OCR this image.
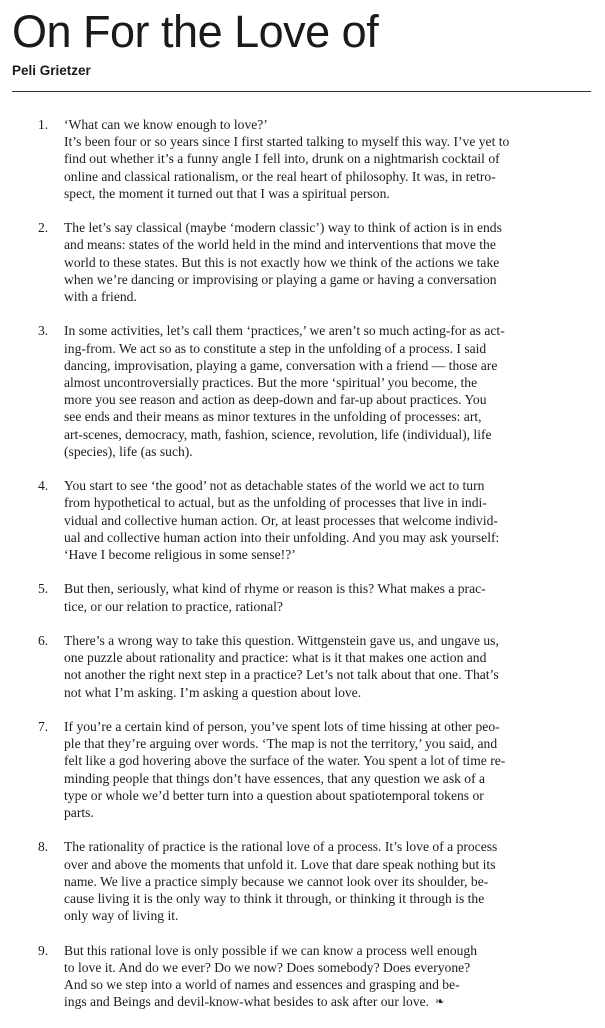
On For the Love of
Peli Grietzer
1. ‘What can we know enough to love?’
It’s been four or so years since I first started talking to myself this way. I’ve yet to
find out whether it’s a funny angle I fell into, drunk on a nightmarish cocktail of
online and classical rationalism, or the real heart of philosophy. It was, in retro-
spect, the moment it turned out that I was a spiritual person.
2. The let’s say classical (maybe ‘modern classic’) way to think of action is in ends
and means: states of the world held in the mind and interventions that move the
world to these states. But this is not exactly how we think of the actions we take
when we’re dancing or improvising or playing a game or having a conversation
with a friend.
3. In some activities, let’s call them ‘practices,’ we aren’t so much acting-for as act-
ing-from. We act so as to constitute a step in the unfolding of a process. I said
dancing, improvisation, playing a game, conversation with a friend — those are
almost uncontroversially practices. But the more ‘spiritual’ you become, the
more you see reason and action as deep-down and far-up about practices. You
see ends and their means as minor textures in the unfolding of processes: art,
art-scenes, democracy, math, fashion, science, revolution, life (individual), life
(species), life (as such).
4. You start to see ‘the good’ not as detachable states of the world we act to turn
from hypothetical to actual, but as the unfolding of processes that live in indi-
vidual and collective human action. Or, at least processes that welcome individ-
ual and collective human action into their unfolding. And you may ask yourself:
‘Have I become religious in some sense!?’
5. But then, seriously, what kind of rhyme or reason is this? What makes a prac-
tice, or our relation to practice, rational?
6. There’s a wrong way to take this question. Wittgenstein gave us, and ungave us,
one puzzle about rationality and practice: what is it that makes one action and
not another the right next step in a practice? Let’s not talk about that one. That’s
not what I’m asking. I’m asking a question about love.
7. If you’re a certain kind of person, you’ve spent lots of time hissing at other peo-
ple that they’re arguing over words. ‘The map is not the territory,’ you said, and
felt like a god hovering above the surface of the water. You spent a lot of time re-
minding people that things don’t have essences, that any question we ask of a
type or whole we’d better turn into a question about spatiotemporal tokens or
parts.
8. The rationality of practice is the rational love of a process. It’s love of a process
over and above the moments that unfold it. Love that dare speak nothing but its
name. We live a practice simply because we cannot look over its shoulder, be-
cause living it is the only way to think it through, or thinking it through is the
only way of living it.
9. But this rational love is only possible if we can know a process well enough
to love it. And do we ever? Do we now? Does somebody? Does everyone?
And so we step into a world of names and essences and grasping and be-
ings and Beings and devil-know-what besides to ask after our love. ❧
